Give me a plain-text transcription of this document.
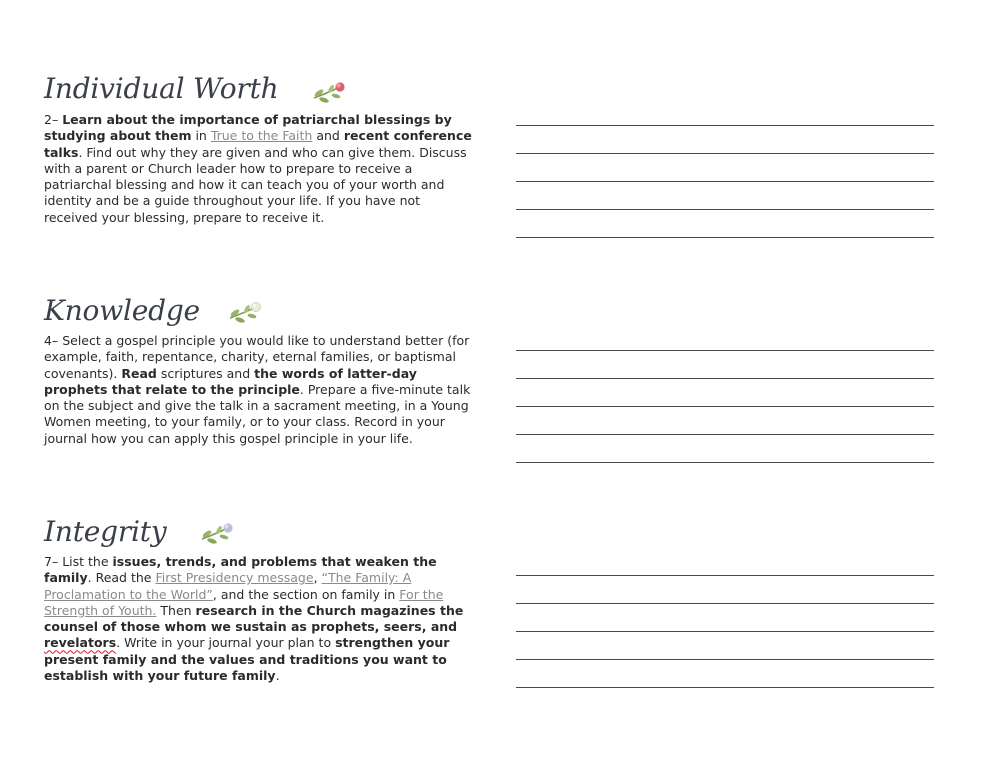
Individual Worth

2– Learn about the importance of patriarchal blessings by studying about them in True to the Faith and recent conference talks. Find out why they are given and who can give them. Discuss with a parent or Church leader how to prepare to receive a patriarchal blessing and how it can teach you of your worth and identity and be a guide throughout your life. If you have not received your blessing, prepare to receive it.

Knowledge

4– Select a gospel principle you would like to understand better (for example, faith, repentance, charity, eternal families, or baptismal covenants). Read scriptures and the words of latter-day prophets that relate to the principle. Prepare a five-minute talk on the subject and give the talk in a sacrament meeting, in a Young Women meeting, to your family, or to your class. Record in your journal how you can apply this gospel principle in your life.

Integrity

7– List the issues, trends, and problems that weaken the family. Read the First Presidency message, “The Family: A Proclamation to the World”, and the section on family in For the Strength of Youth. Then research in the Church magazines the counsel of those whom we sustain as prophets, seers, and revelators. Write in your journal your plan to strengthen your present family and the values and traditions you want to establish with your future family.
